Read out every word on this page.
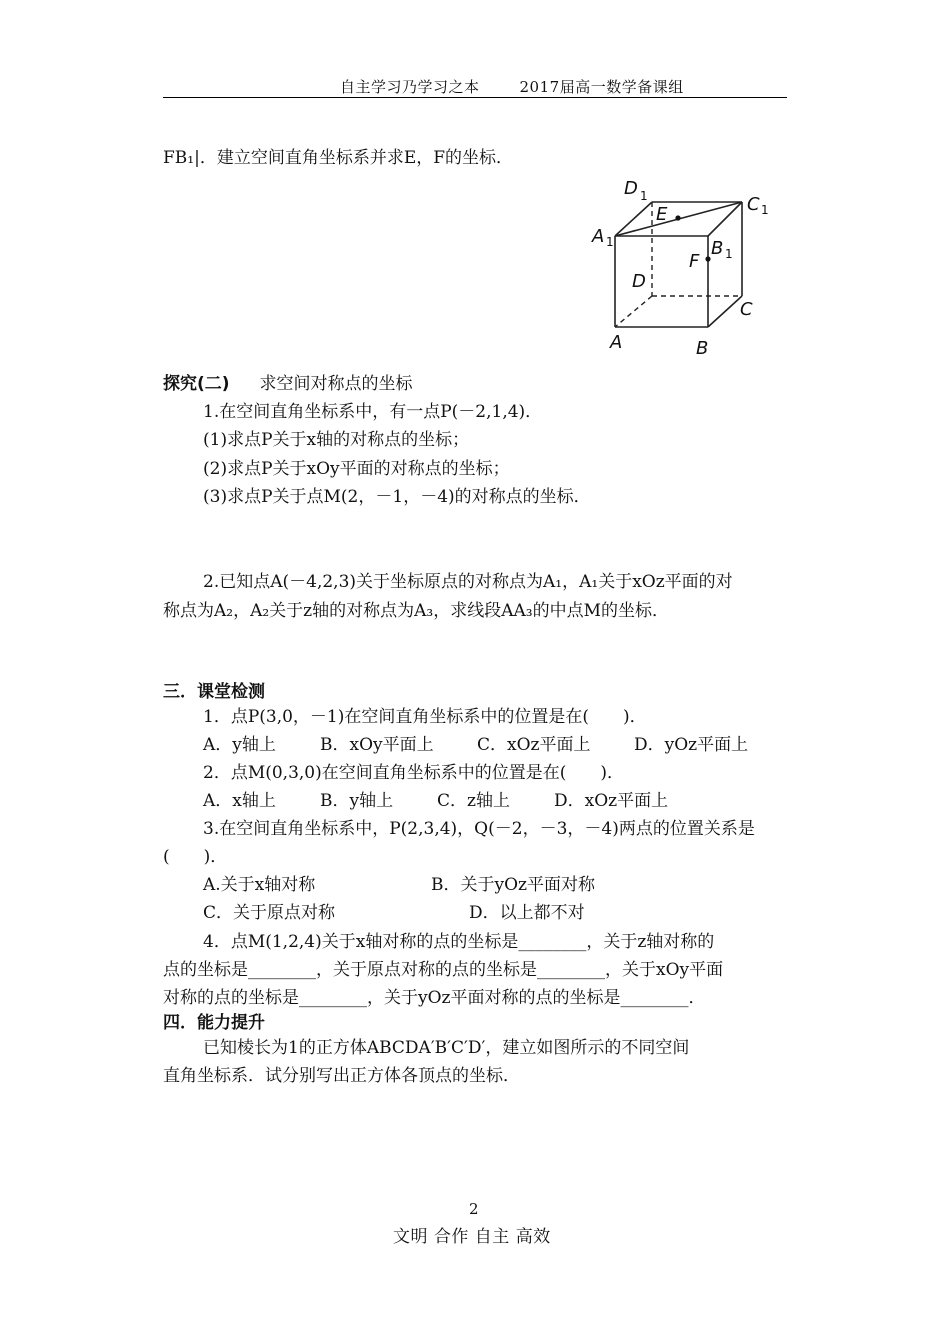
自主学习乃学习之本	2017届高一数学备课组
FB₁|．建立空间直角坐标系并求E，F的坐标．
D 1	C 1
E
A 1	B 1
F
D
C
A	B
探究(二) 求空间对称点的坐标
1.在空间直角坐标系中，有一点P(－2,1,4)．
(1)求点P关于x轴的对称点的坐标；
(2)求点P关于xOy平面的对称点的坐标；
(3)求点P关于点M(2，－1，－4)的对称点的坐标．
2.已知点A(－4,2,3)关于坐标原点的对称点为A₁，A₁关于xOz平面的对
称点为A₂，A₂关于z轴的对称点为A₃，求线段AA₃的中点M的坐标．
三．课堂检测
1．点P(3,0，－1)在空间直角坐标系中的位置是在(　　)．
A．y轴上	B．xOy平面上	C．xOz平面上	D．yOz平面上
2．点M(0,3,0)在空间直角坐标系中的位置是在(　　)．
A．x轴上	B．y轴上	C．z轴上	D．xOz平面上
3.在空间直角坐标系中，P(2,3,4)，Q(－2，－3，－4)两点的位置关系是
(　　)．
A.关于x轴对称	B．关于yOz平面对称
C．关于原点对称	D．以上都不对
4．点M(1,2,4)关于x轴对称的点的坐标是________，关于z轴对称的
点的坐标是________，关于原点对称的点的坐标是________，关于xOy平面
对称的点的坐标是________，关于yOz平面对称的点的坐标是________．
四．能力提升
已知棱长为1的正方体ABCDA′B′C′D′，建立如图所示的不同空间
直角坐标系．试分别写出正方体各顶点的坐标．
2
文明 合作 自主 高效
